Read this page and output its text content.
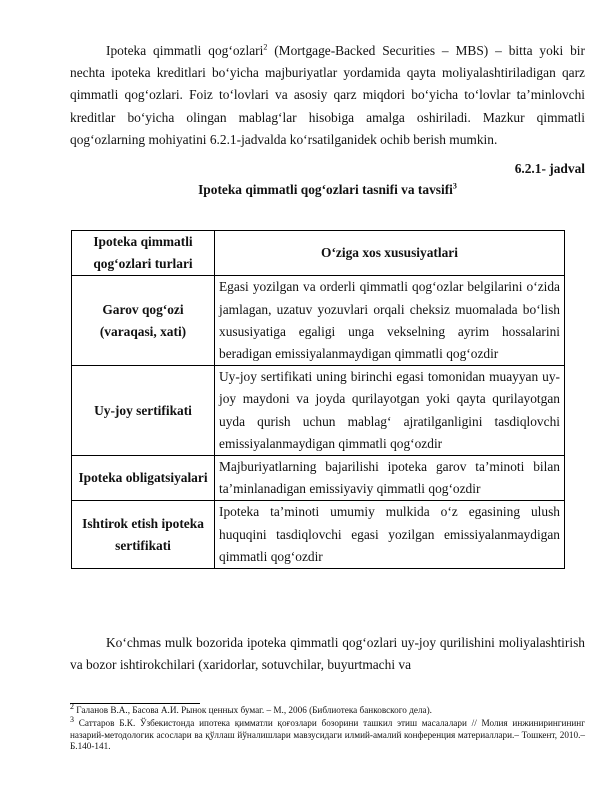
Ipoteka qimmatli qog‘ozlari$^2$ (Mortgage-Backed Securities – MBS) – bitta yoki bir nechta ipoteka kreditlari bo‘yicha majburiyatlar yordamida qayta moliyalashtiriladigan qarz qimmatli qog‘ozlari. Foiz to‘lovlari va asosiy qarz miqdori bo‘yicha to‘lovlar ta’minlovchi kreditlar bo‘yicha olingan mablag‘lar hisobiga amalga oshiriladi. Mazkur qimmatli qog‘ozlarning mohiyatini 6.2.1-jadvalda ko‘rsatilganidek ochib berish mumkin.

6.2.1- jadval

Ipoteka qimmatli qog‘ozlari tasnifi va tavsifi$^3$

Ipoteka qimmatli qog‘ozlari turlari	O‘ziga xos xususiyatlari
Garov qog‘ozi (varaqasi, xati)	Egasi yozilgan va orderli qimmatli qog‘ozlar belgilarini o‘zida jamlagan, uzatuv yozuvlari orqali cheksiz muomalada bo‘lish xususiyatiga egaligi unga vekselning ayrim hossalarini beradigan emissiyalanmaydigan qimmatli qog‘ozdir
Uy-joy sertifikati	Uy-joy sertifikati uning birinchi egasi tomonidan muayyan uy- joy maydoni va joyda qurilayotgan yoki qayta qurilayotgan uyda qurish uchun mablag‘ ajratilganligini tasdiqlovchi emissiyalanmaydigan qimmatli qog‘ozdir
Ipoteka obligatsiyalari	Majburiyatlarning bajarilishi ipoteka garov ta’minoti bilan ta’minlanadigan emissiyaviy qimmatli qog‘ozdir
Ishtirok etish ipoteka sertifikati	Ipoteka ta’minoti umumiy mulkida o‘z egasining ulush huquqini tasdiqlovchi egasi yozilgan emissiyalanmaydigan qimmatli qog‘ozdir

Ko‘chmas mulk bozorida ipoteka qimmatli qog‘ozlari uy-joy qurilishini moliyalashtirish va bozor ishtirokchilari (xaridorlar, sotuvchilar, buyurtmachi va

$^2$ Галанов В.А., Басова А.И. Рынок ценных бумаг. – М., 2006 (Библиотека банковского дела).

$^3$ Саттаров Б.К. Ўзбекистонда ипотека қимматли қоғозлари бозорини ташкил этиш масалалари // Молия инжинирингининг назарий-методологик асослари ва қўллаш йўналишлари мавзусидаги илмий-амалий конференция материаллари.– Тошкент, 2010.– Б.140-141.
